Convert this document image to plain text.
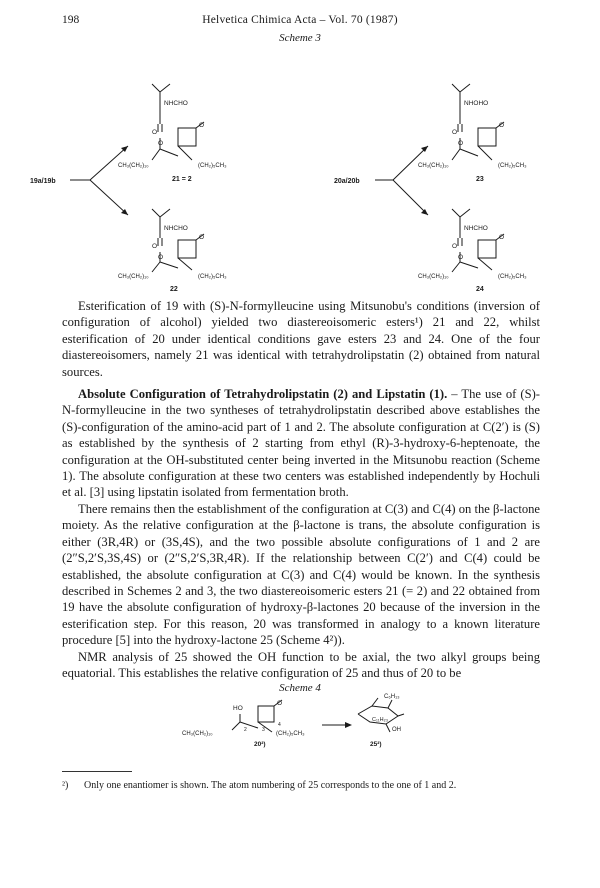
198	Helvetica Chimica Acta – Vol. 70 (1987)
Scheme 3
NHCHO
O
O
O
CH₃(CH₂)₁₀	(CH₂)₅CH₃
21 = 2
NHCHO
O
O
O
CH₃(CH₂)₁₀	(CH₂)₅CH₃
22
NHOHO
O
O
O
CH₃(CH₂)₁₀	(CH₂)₅CH₃
23
NHCHO
O
O
O
CH₃(CH₂)₁₀	(CH₂)₅CH₃
24
19a/19b	20a/20b

Esterification of 19 with (S)-N-formylleucine using Mitsunobu's conditions (inversion of configuration of alcohol) yielded two diastereoisomeric esters¹) 21 and 22, whilst esterification of 20 under identical conditions gave esters 23 and 24. One of the four diastereoisomers, namely 21 was identical with tetrahydrolipstatin (2) obtained from natural sources.

Absolute Configuration of Tetrahydrolipstatin (2) and Lipstatin (1). – The use of (S)-N-formylleucine in the two syntheses of tetrahydrolipstatin described above establishes the (S)-configuration of the amino-acid part of 1 and 2. The absolute configuration at C(2′) is (S) as established by the synthesis of 2 starting from ethyl (R)-3-hydroxy-6-heptenoate, the configuration at the OH-substituted center being inverted in the Mitsunobu reaction (Scheme 1). The absolute configuration at these two centers was established independently by Hochuli et al. [3] using lipstatin isolated from fermentation broth.

There remains then the establishment of the configuration at C(3) and C(4) on the β-lactone moiety. As the relative configuration at the β-lactone is trans, the absolute configuration is either (3R,4R) or (3S,4S), and the two possible absolute configurations of 1 and 2 are (2″S,2′S,3S,4S) or (2″S,2′S,3R,4R). If the relationship between C(2′) and C(4) could be established, the absolute configuration at C(3) and C(4) would be known. In the synthesis described in Schemes 2 and 3, the two diastereoisomeric esters 21 (= 2) and 22 obtained from 19 have the absolute configuration of hydroxy-β-lactones 20 because of the inversion in the esterification step. For this reason, 20 was transformed in analogy to a known literature procedure [5] into the hydroxy-lactone 25 (Scheme 4²)).

NMR analysis of 25 showed the OH function to be axial, the two alkyl groups being equatorial. This establishes the relative configuration of 25 and thus of 20 to be

Scheme 4
HO
O
CH₃(CH₂)₁₀	(CH₂)₅CH₃
2	3
4
20²)
C₆H₁₃
C₁₁H₂₃
OH
25²)
²) Only one enantiomer is shown. The atom numbering of 25 corresponds to the one of 1 and 2.
